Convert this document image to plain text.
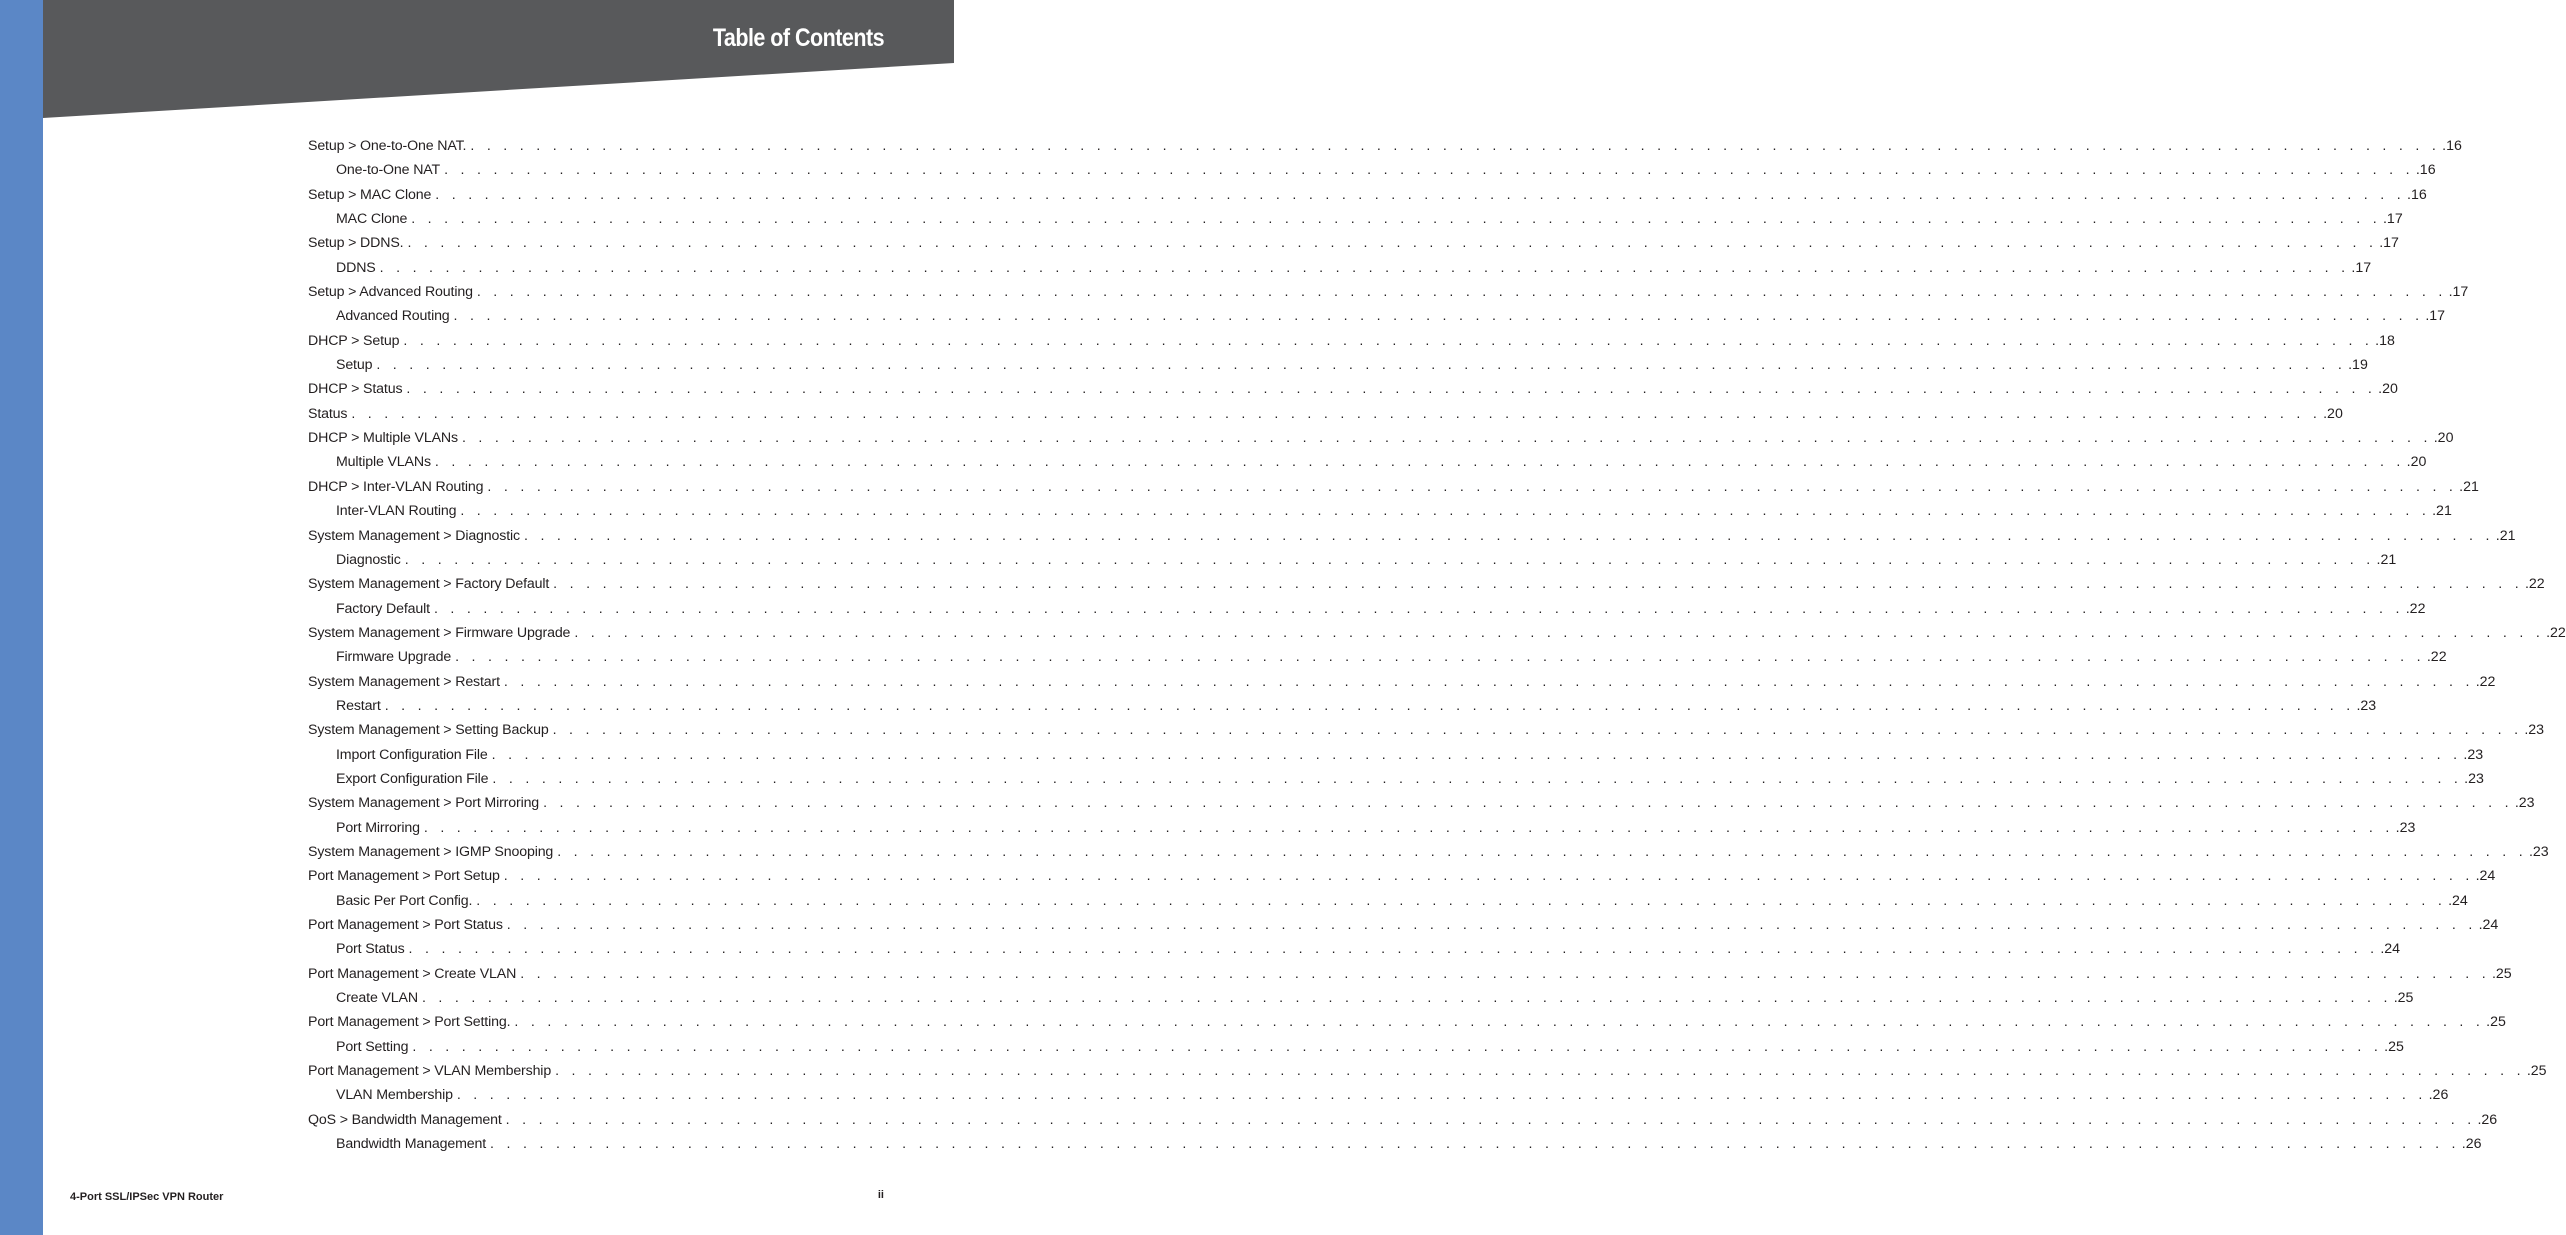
Table of Contents
Setup > One-to-One NAT. . . . . . . . . . . . . . . . . . . . . . . . . . . . . . . . . . . . . . . . . . . . . . . . . . . . . . . . . . . . . . . . . . . . . . . . . . . . . . . . . . . . . . . . . . . . . . . . . . . . . . . . . . . . . . . . . . . . . . . . . .16
One-to-One NAT . . . . . . . . . . . . . . . . . . . . . . . . . . . . . . . . . . . . . . . . . . . . . . . . . . . . . . . . . . . . . . . . . . . . . . . . . . . . . . . . . . . . . . . . . . . . . . . . . . . . . . . . . . . . . . . . . . . . . . . . .16
Setup > MAC Clone . . . . . . . . . . . . . . . . . . . . . . . . . . . . . . . . . . . . . . . . . . . . . . . . . . . . . . . . . . . . . . . . . . . . . . . . . . . . . . . . . . . . . . . . . . . . . . . . . . . . . . . . . . . . . . . . . . . . . . . . .16
MAC Clone . . . . . . . . . . . . . . . . . . . . . . . . . . . . . . . . . . . . . . . . . . . . . . . . . . . . . . . . . . . . . . . . . . . . . . . . . . . . . . . . . . . . . . . . . . . . . . . . . . . . . . . . . . . . . . . . . . . . . . . . .17
Setup > DDNS. . . . . . . . . . . . . . . . . . . . . . . . . . . . . . . . . . . . . . . . . . . . . . . . . . . . . . . . . . . . . . . . . . . . . . . . . . . . . . . . . . . . . . . . . . . . . . . . . . . . . . . . . . . . . . . . . . . . . . . . . .17
DDNS . . . . . . . . . . . . . . . . . . . . . . . . . . . . . . . . . . . . . . . . . . . . . . . . . . . . . . . . . . . . . . . . . . . . . . . . . . . . . . . . . . . . . . . . . . . . . . . . . . . . . . . . . . . . . . . . . . . . . . . . .17
Setup > Advanced Routing . . . . . . . . . . . . . . . . . . . . . . . . . . . . . . . . . . . . . . . . . . . . . . . . . . . . . . . . . . . . . . . . . . . . . . . . . . . . . . . . . . . . . . . . . . . . . . . . . . . . . . . . . . . . . . . . . . . . . . . . .17
Advanced Routing . . . . . . . . . . . . . . . . . . . . . . . . . . . . . . . . . . . . . . . . . . . . . . . . . . . . . . . . . . . . . . . . . . . . . . . . . . . . . . . . . . . . . . . . . . . . . . . . . . . . . . . . . . . . . . . . . . . . . . . . .17
DHCP > Setup . . . . . . . . . . . . . . . . . . . . . . . . . . . . . . . . . . . . . . . . . . . . . . . . . . . . . . . . . . . . . . . . . . . . . . . . . . . . . . . . . . . . . . . . . . . . . . . . . . . . . . . . . . . . . . . . . . . . . . . . .18
Setup . . . . . . . . . . . . . . . . . . . . . . . . . . . . . . . . . . . . . . . . . . . . . . . . . . . . . . . . . . . . . . . . . . . . . . . . . . . . . . . . . . . . . . . . . . . . . . . . . . . . . . . . . . . . . . . . . . . . . . . . .19
DHCP > Status . . . . . . . . . . . . . . . . . . . . . . . . . . . . . . . . . . . . . . . . . . . . . . . . . . . . . . . . . . . . . . . . . . . . . . . . . . . . . . . . . . . . . . . . . . . . . . . . . . . . . . . . . . . . . . . . . . . . . . . . .20
Status . . . . . . . . . . . . . . . . . . . . . . . . . . . . . . . . . . . . . . . . . . . . . . . . . . . . . . . . . . . . . . . . . . . . . . . . . . . . . . . . . . . . . . . . . . . . . . . . . . . . . . . . . . . . . . . . . . . . . . . . .20
DHCP > Multiple VLANs . . . . . . . . . . . . . . . . . . . . . . . . . . . . . . . . . . . . . . . . . . . . . . . . . . . . . . . . . . . . . . . . . . . . . . . . . . . . . . . . . . . . . . . . . . . . . . . . . . . . . . . . . . . . . . . . . . . . . . . . .20
Multiple VLANs . . . . . . . . . . . . . . . . . . . . . . . . . . . . . . . . . . . . . . . . . . . . . . . . . . . . . . . . . . . . . . . . . . . . . . . . . . . . . . . . . . . . . . . . . . . . . . . . . . . . . . . . . . . . . . . . . . . . . . . . .20
DHCP > Inter-VLAN Routing . . . . . . . . . . . . . . . . . . . . . . . . . . . . . . . . . . . . . . . . . . . . . . . . . . . . . . . . . . . . . . . . . . . . . . . . . . . . . . . . . . . . . . . . . . . . . . . . . . . . . . . . . . . . . . . . . . . . . . . . .21
Inter-VLAN Routing . . . . . . . . . . . . . . . . . . . . . . . . . . . . . . . . . . . . . . . . . . . . . . . . . . . . . . . . . . . . . . . . . . . . . . . . . . . . . . . . . . . . . . . . . . . . . . . . . . . . . . . . . . . . . . . . . . . . . . . . .21
System Management > Diagnostic . . . . . . . . . . . . . . . . . . . . . . . . . . . . . . . . . . . . . . . . . . . . . . . . . . . . . . . . . . . . . . . . . . . . . . . . . . . . . . . . . . . . . . . . . . . . . . . . . . . . . . . . . . . . . . . . . . . . . . . . .21
Diagnostic . . . . . . . . . . . . . . . . . . . . . . . . . . . . . . . . . . . . . . . . . . . . . . . . . . . . . . . . . . . . . . . . . . . . . . . . . . . . . . . . . . . . . . . . . . . . . . . . . . . . . . . . . . . . . . . . . . . . . . . . .21
System Management > Factory Default . . . . . . . . . . . . . . . . . . . . . . . . . . . . . . . . . . . . . . . . . . . . . . . . . . . . . . . . . . . . . . . . . . . . . . . . . . . . . . . . . . . . . . . . . . . . . . . . . . . . . . . . . . . . . . . . . . . . . . . . .22
Factory Default . . . . . . . . . . . . . . . . . . . . . . . . . . . . . . . . . . . . . . . . . . . . . . . . . . . . . . . . . . . . . . . . . . . . . . . . . . . . . . . . . . . . . . . . . . . . . . . . . . . . . . . . . . . . . . . . . . . . . . . . .22
System Management > Firmware Upgrade . . . . . . . . . . . . . . . . . . . . . . . . . . . . . . . . . . . . . . . . . . . . . . . . . . . . . . . . . . . . . . . . . . . . . . . . . . . . . . . . . . . . . . . . . . . . . . . . . . . . . . . . . . . . . . . . . . . . . . . . .22
Firmware Upgrade . . . . . . . . . . . . . . . . . . . . . . . . . . . . . . . . . . . . . . . . . . . . . . . . . . . . . . . . . . . . . . . . . . . . . . . . . . . . . . . . . . . . . . . . . . . . . . . . . . . . . . . . . . . . . . . . . . . . . . . . .22
System Management > Restart . . . . . . . . . . . . . . . . . . . . . . . . . . . . . . . . . . . . . . . . . . . . . . . . . . . . . . . . . . . . . . . . . . . . . . . . . . . . . . . . . . . . . . . . . . . . . . . . . . . . . . . . . . . . . . . . . . . . . . . . .22
Restart . . . . . . . . . . . . . . . . . . . . . . . . . . . . . . . . . . . . . . . . . . . . . . . . . . . . . . . . . . . . . . . . . . . . . . . . . . . . . . . . . . . . . . . . . . . . . . . . . . . . . . . . . . . . . . . . . . . . . . . . .23
System Management > Setting Backup . . . . . . . . . . . . . . . . . . . . . . . . . . . . . . . . . . . . . . . . . . . . . . . . . . . . . . . . . . . . . . . . . . . . . . . . . . . . . . . . . . . . . . . . . . . . . . . . . . . . . . . . . . . . . . . . . . . . . . . . .23
Import Configuration File . . . . . . . . . . . . . . . . . . . . . . . . . . . . . . . . . . . . . . . . . . . . . . . . . . . . . . . . . . . . . . . . . . . . . . . . . . . . . . . . . . . . . . . . . . . . . . . . . . . . . . . . . . . . . . . . . . . . . . . . .23
Export Configuration File . . . . . . . . . . . . . . . . . . . . . . . . . . . . . . . . . . . . . . . . . . . . . . . . . . . . . . . . . . . . . . . . . . . . . . . . . . . . . . . . . . . . . . . . . . . . . . . . . . . . . . . . . . . . . . . . . . . . . . . . .23
System Management > Port Mirroring . . . . . . . . . . . . . . . . . . . . . . . . . . . . . . . . . . . . . . . . . . . . . . . . . . . . . . . . . . . . . . . . . . . . . . . . . . . . . . . . . . . . . . . . . . . . . . . . . . . . . . . . . . . . . . . . . . . . . . . . .23
Port Mirroring . . . . . . . . . . . . . . . . . . . . . . . . . . . . . . . . . . . . . . . . . . . . . . . . . . . . . . . . . . . . . . . . . . . . . . . . . . . . . . . . . . . . . . . . . . . . . . . . . . . . . . . . . . . . . . . . . . . . . . . . .23
System Management > IGMP Snooping . . . . . . . . . . . . . . . . . . . . . . . . . . . . . . . . . . . . . . . . . . . . . . . . . . . . . . . . . . . . . . . . . . . . . . . . . . . . . . . . . . . . . . . . . . . . . . . . . . . . . . . . . . . . . . . . . . . . . . . . .23
Port Management > Port Setup . . . . . . . . . . . . . . . . . . . . . . . . . . . . . . . . . . . . . . . . . . . . . . . . . . . . . . . . . . . . . . . . . . . . . . . . . . . . . . . . . . . . . . . . . . . . . . . . . . . . . . . . . . . . . . . . . . . . . . . . .24
Basic Per Port Config. . . . . . . . . . . . . . . . . . . . . . . . . . . . . . . . . . . . . . . . . . . . . . . . . . . . . . . . . . . . . . . . . . . . . . . . . . . . . . . . . . . . . . . . . . . . . . . . . . . . . . . . . . . . . . . . . . . . . . . . . .24
Port Management > Port Status . . . . . . . . . . . . . . . . . . . . . . . . . . . . . . . . . . . . . . . . . . . . . . . . . . . . . . . . . . . . . . . . . . . . . . . . . . . . . . . . . . . . . . . . . . . . . . . . . . . . . . . . . . . . . . . . . . . . . . . . .24
Port Status . . . . . . . . . . . . . . . . . . . . . . . . . . . . . . . . . . . . . . . . . . . . . . . . . . . . . . . . . . . . . . . . . . . . . . . . . . . . . . . . . . . . . . . . . . . . . . . . . . . . . . . . . . . . . . . . . . . . . . . . .24
Port Management > Create VLAN . . . . . . . . . . . . . . . . . . . . . . . . . . . . . . . . . . . . . . . . . . . . . . . . . . . . . . . . . . . . . . . . . . . . . . . . . . . . . . . . . . . . . . . . . . . . . . . . . . . . . . . . . . . . . . . . . . . . . . . . .25
Create VLAN . . . . . . . . . . . . . . . . . . . . . . . . . . . . . . . . . . . . . . . . . . . . . . . . . . . . . . . . . . . . . . . . . . . . . . . . . . . . . . . . . . . . . . . . . . . . . . . . . . . . . . . . . . . . . . . . . . . . . . . . .25
Port Management > Port Setting. . . . . . . . . . . . . . . . . . . . . . . . . . . . . . . . . . . . . . . . . . . . . . . . . . . . . . . . . . . . . . . . . . . . . . . . . . . . . . . . . . . . . . . . . . . . . . . . . . . . . . . . . . . . . . . . . . . . . . . . . .25
Port Setting . . . . . . . . . . . . . . . . . . . . . . . . . . . . . . . . . . . . . . . . . . . . . . . . . . . . . . . . . . . . . . . . . . . . . . . . . . . . . . . . . . . . . . . . . . . . . . . . . . . . . . . . . . . . . . . . . . . . . . . . .25
Port Management > VLAN Membership . . . . . . . . . . . . . . . . . . . . . . . . . . . . . . . . . . . . . . . . . . . . . . . . . . . . . . . . . . . . . . . . . . . . . . . . . . . . . . . . . . . . . . . . . . . . . . . . . . . . . . . . . . . . . . . . . . . . . . . . .25
VLAN Membership . . . . . . . . . . . . . . . . . . . . . . . . . . . . . . . . . . . . . . . . . . . . . . . . . . . . . . . . . . . . . . . . . . . . . . . . . . . . . . . . . . . . . . . . . . . . . . . . . . . . . . . . . . . . . . . . . . . . . . . . .26
QoS > Bandwidth Management . . . . . . . . . . . . . . . . . . . . . . . . . . . . . . . . . . . . . . . . . . . . . . . . . . . . . . . . . . . . . . . . . . . . . . . . . . . . . . . . . . . . . . . . . . . . . . . . . . . . . . . . . . . . . . . . . . . . . . . . .26
Bandwidth Management . . . . . . . . . . . . . . . . . . . . . . . . . . . . . . . . . . . . . . . . . . . . . . . . . . . . . . . . . . . . . . . . . . . . . . . . . . . . . . . . . . . . . . . . . . . . . . . . . . . . . . . . . . . . . . . . . . . . . . . . .26
4-Port SSL/IPSec VPN Router	ii
